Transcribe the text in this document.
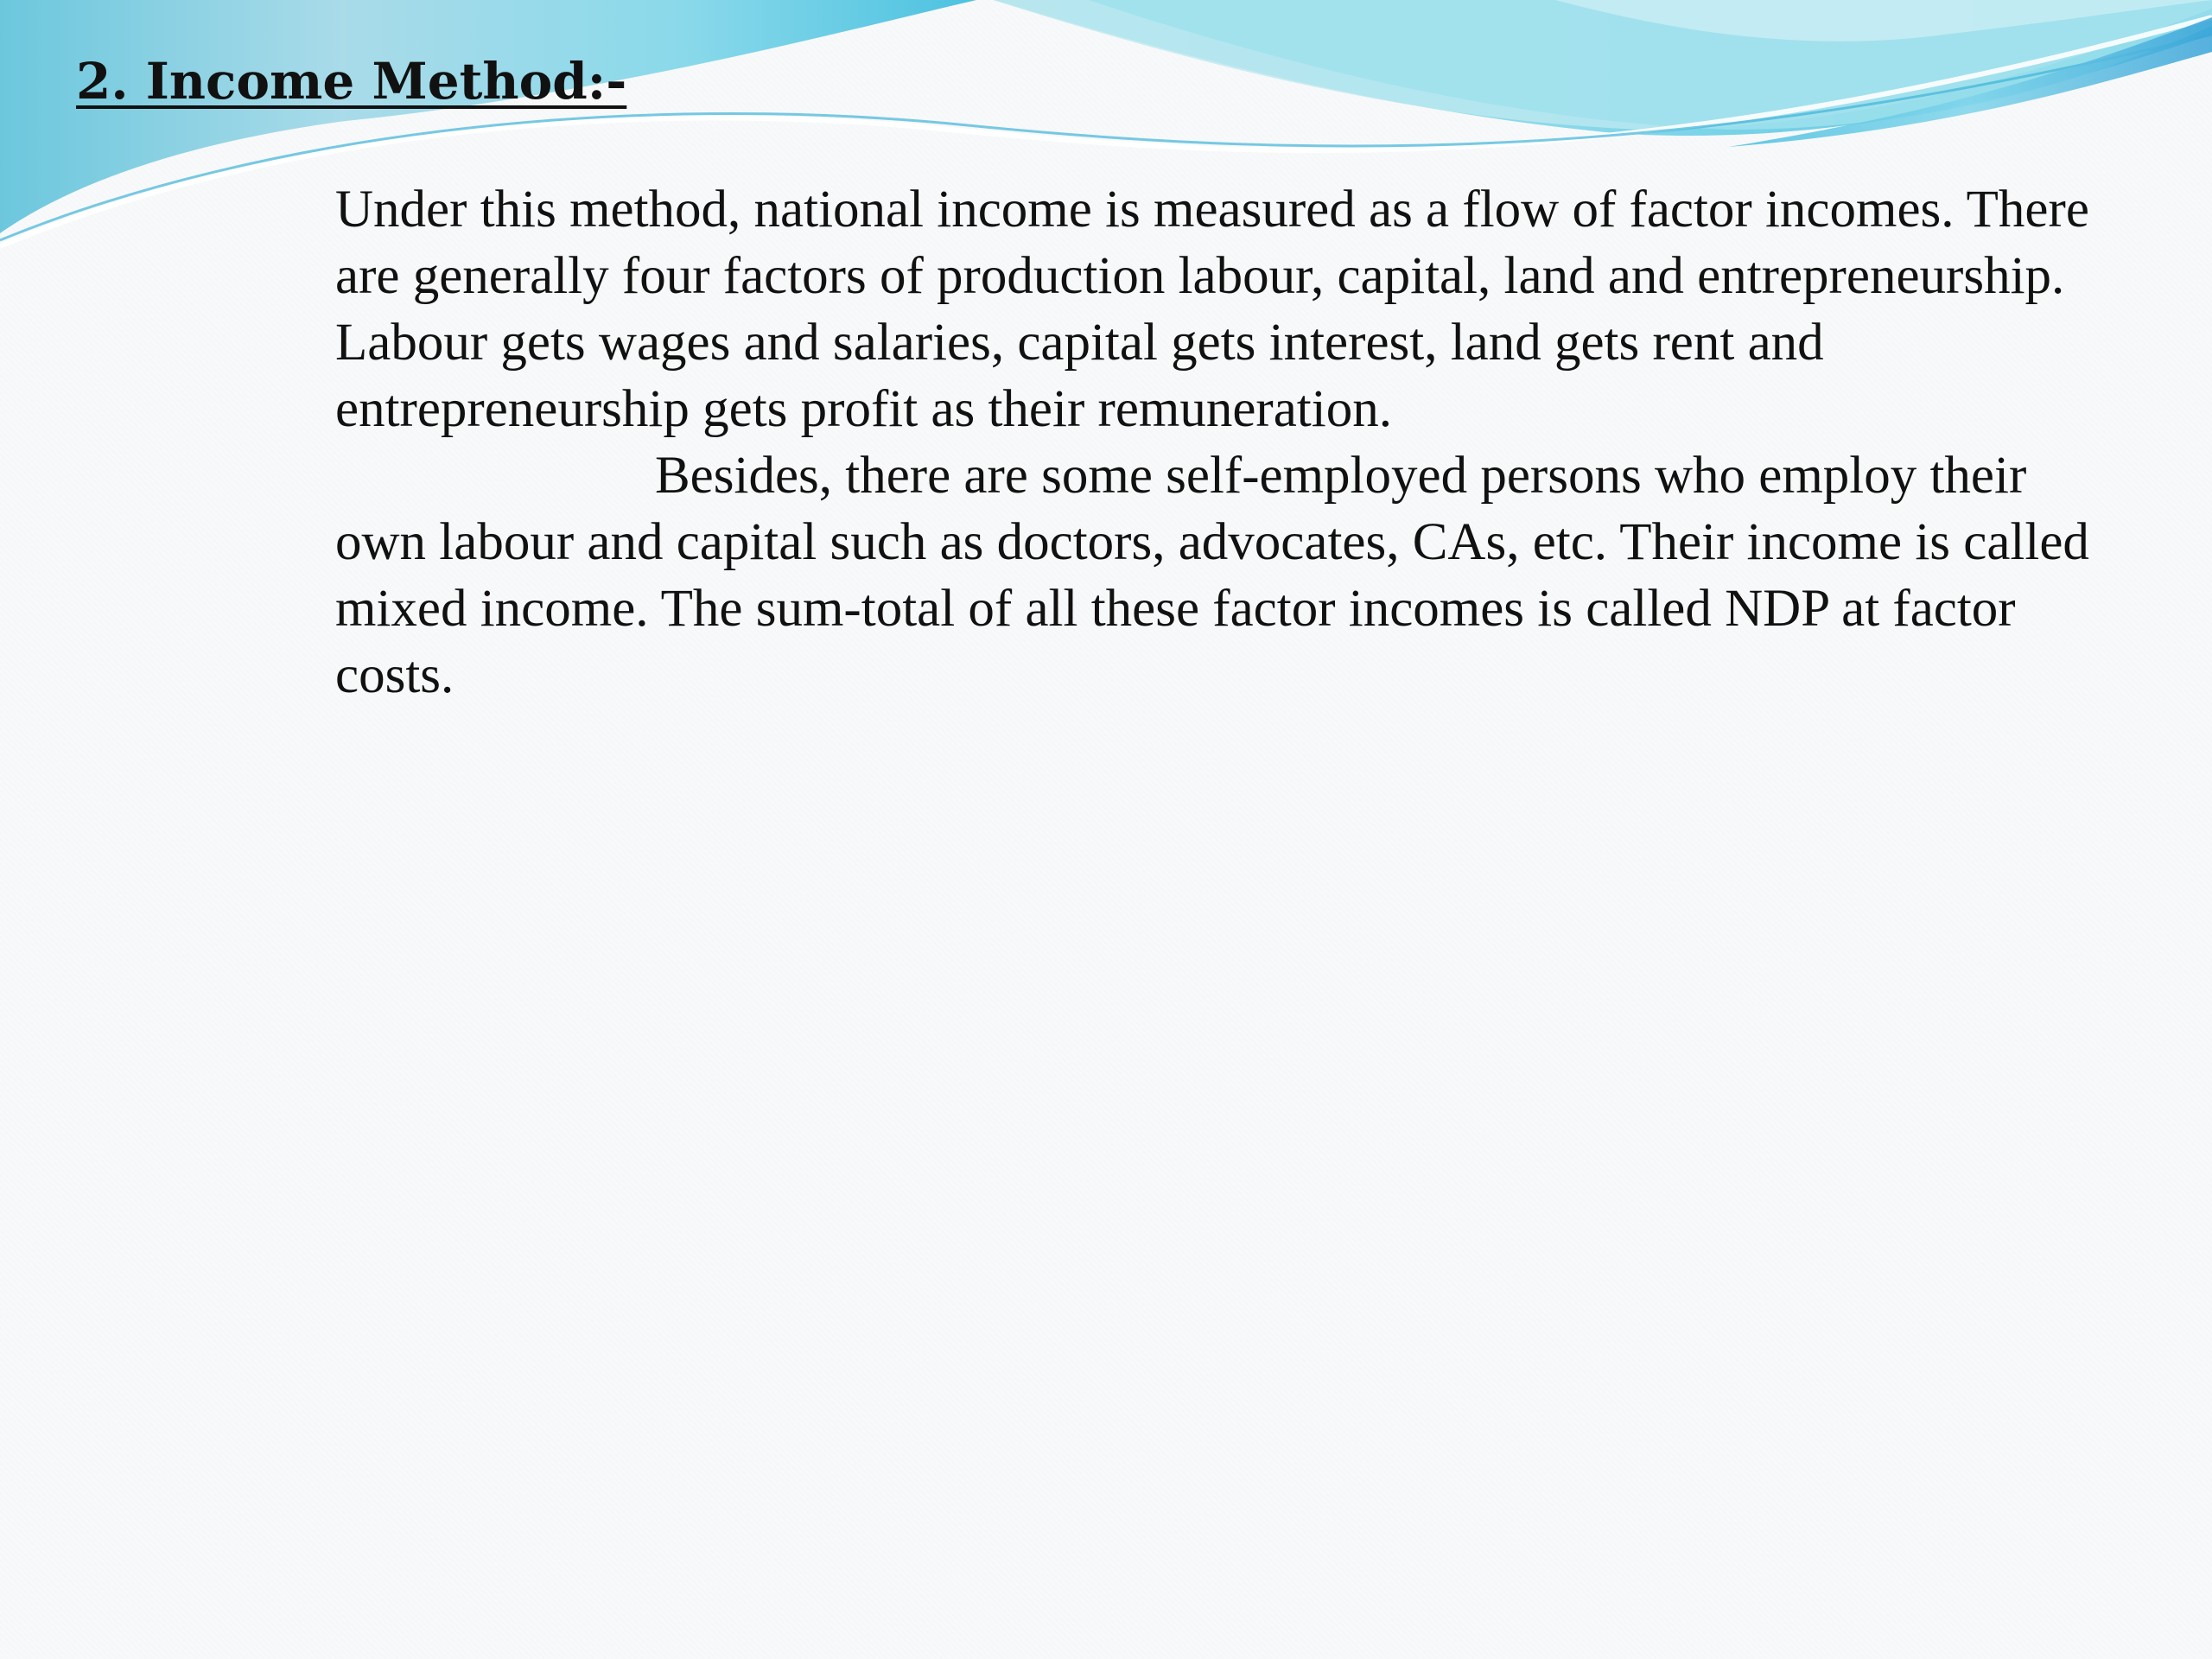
2. Income Method:-

Under this method, national income is measured as a flow of factor incomes. There are generally four factors of production labour, capital, land and entrepreneurship. Labour gets wages and salaries, capital gets interest, land gets rent and entrepreneurship gets profit as their remuneration.

Besides, there are some self-employed persons who employ their own labour and capital such as doctors, advocates, CAs, etc. Their income is called mixed income. The sum-total of all these factor incomes is called NDP at factor costs.
